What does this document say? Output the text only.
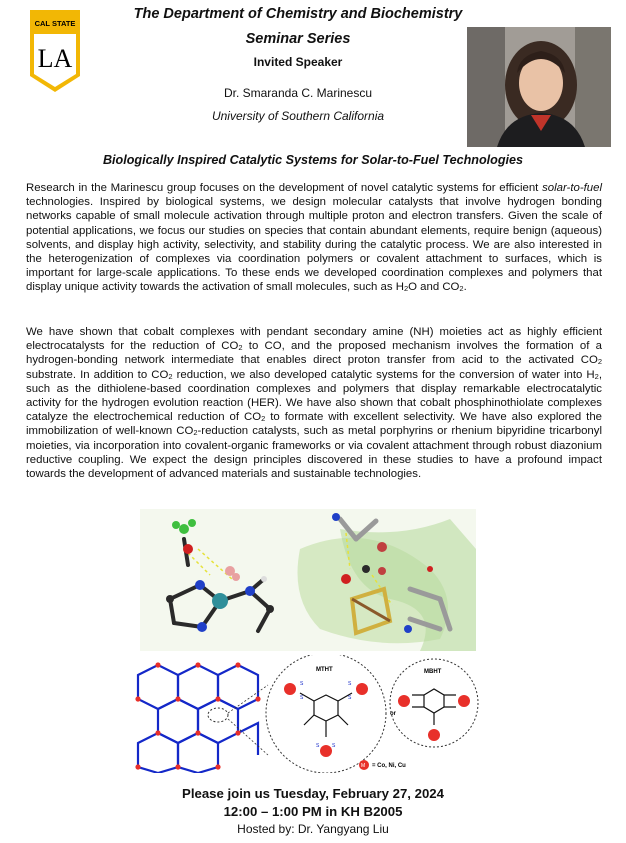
CAL STATE
LA
The Department of Chemistry and Biochemistry
Seminar Series
Invited Speaker
Dr. Smaranda C. Marinescu
University of Southern California
Biologically Inspired Catalytic Systems for Solar-to-Fuel Technologies

Research in the Marinescu group focuses on the development of novel catalytic systems for efficient solar-to-fuel technologies. Inspired by biological systems, we design molecular catalysts that involve hydrogen bonding networks capable of small molecule activation through multiple proton and electron transfers. Given the scale of potential applications, we focus our studies on species that contain abundant elements, require benign (aqueous) solvents, and display high activity, selectivity, and stability during the catalytic process. We are also interested in the heterogenization of complexes via coordination polymers or covalent attachment to surfaces, which is important for large-scale applications. To these ends we developed coordination complexes and polymers that display unique activity towards the activation of small molecules, such as $H_2O$ and $CO_2$.

We have shown that cobalt complexes with pendant secondary amine (NH) moieties act as highly efficient electrocatalysts for the reduction of $CO_2$ to CO, and the proposed mechanism involves the formation of a hydrogen-bonding network intermediate that enables direct proton transfer from acid to the activated $CO_2$ substrate. In addition to $CO_2$ reduction, we also developed catalytic systems for the conversion of water into $H_2$, such as the dithiolene-based coordination complexes and polymers that display remarkable electrocatalytic activity for the hydrogen evolution reaction (HER). We have also shown that cobalt phosphinothiolate complexes catalyze the electrochemical reduction of $CO_2$ to formate with excellent selectivity. We have also explored the immobilization of well-known $CO_2$-reduction catalysts, such as metal porphyrins or rhenium bipyridine tricarbonyl moieties, via incorporation into covalent-organic frameworks or via covalent attachment through robust diazonium reductive coupling. We expect the design principles discovered in these studies to have a profound impact towards the development of advanced materials and sustainable technologies.

MTHT
S
S
S
S
S	S
or
MBHT
M = Co, Ni, Cu
Please join us Tuesday, February 27, 2024
12:00 – 1:00 PM in KH B2005
Hosted by: Dr. Yangyang Liu
